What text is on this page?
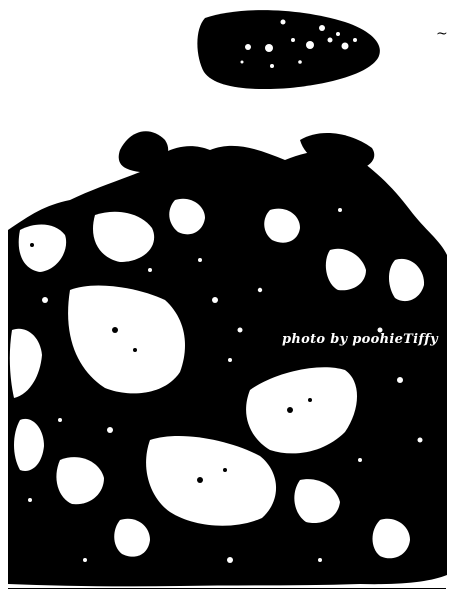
~
photo by poohieTiffy
